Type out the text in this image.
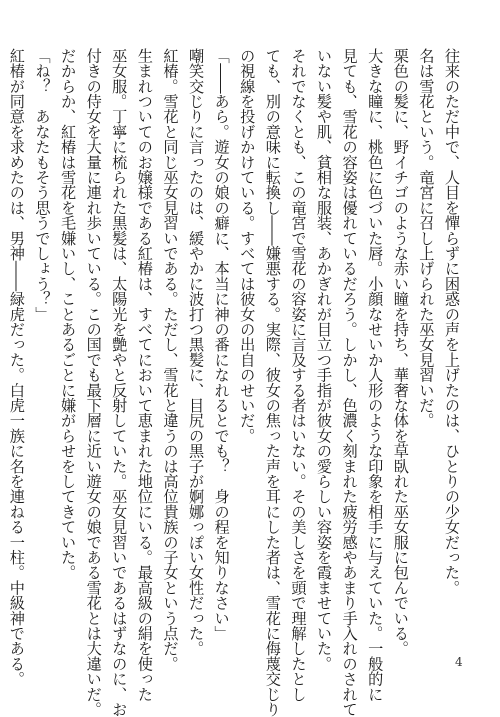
往来のただ中で、人目を憚らずに困惑の声を上げたのは、ひとりの少女だった。

名は雪花という。竜宮に召し上げられた巫女見習いだ。

栗色の髪に、野イチゴのような赤い瞳を持ち、華奢な体を草臥れた巫女服に包んでいる。

大きな瞳に、桃色に色づいた唇。小顔なせいか人形のような印象を相手に与えていた。一般的に

見ても、雪花の容姿は優れているだろう。しかし、色濃く刻まれた疲労感やあまり手入れのされて

いない髪や肌、貧相な服装、あかぎれが目立つ手指が彼女の愛らしい容姿を霞ませていた。

それでなくとも、この竜宮で雪花の容姿に言及する者はいない。その美しさを頭で理解したとし

ても、別の意味に転換し――嫌悪する。実際、彼女の焦った声を耳にした者は、雪花に侮蔑交じり

の視線を投げかけている。すべては彼女の出自のせいだ。

「――あら。遊女の娘の癖に、本当に神の番になれるとでも？　身の程を知りなさい」

嘲笑交じりに言ったのは、緩やかに波打つ黒髪に、目尻の黒子が婀娜っぽい女性だった。

紅椿。雪花と同じ巫女見習いである。ただし、雪花と違うのは高位貴族の子女という点だ。

生まれついてのお嬢様である紅椿は、すべてにおいて恵まれた地位にいる。最高級の絹を使った

巫女服。丁寧に梳られた黒髪は、太陽光を艶やと反射していた。巫女見習いであるはずなのに、お

付きの侍女を大量に連れ歩いている。この国でも最下層に近い遊女の娘である雪花とは大違いだ。

だからか、紅椿は雪花を毛嫌いし、ことあるごとに嫌がらせをしてきていた。

「ね？　あなたもそう思うでしょう？」

紅椿が同意を求めたのは、男神――緑虎だった。白虎一族に名を連ねる一柱。中級神である。	4
